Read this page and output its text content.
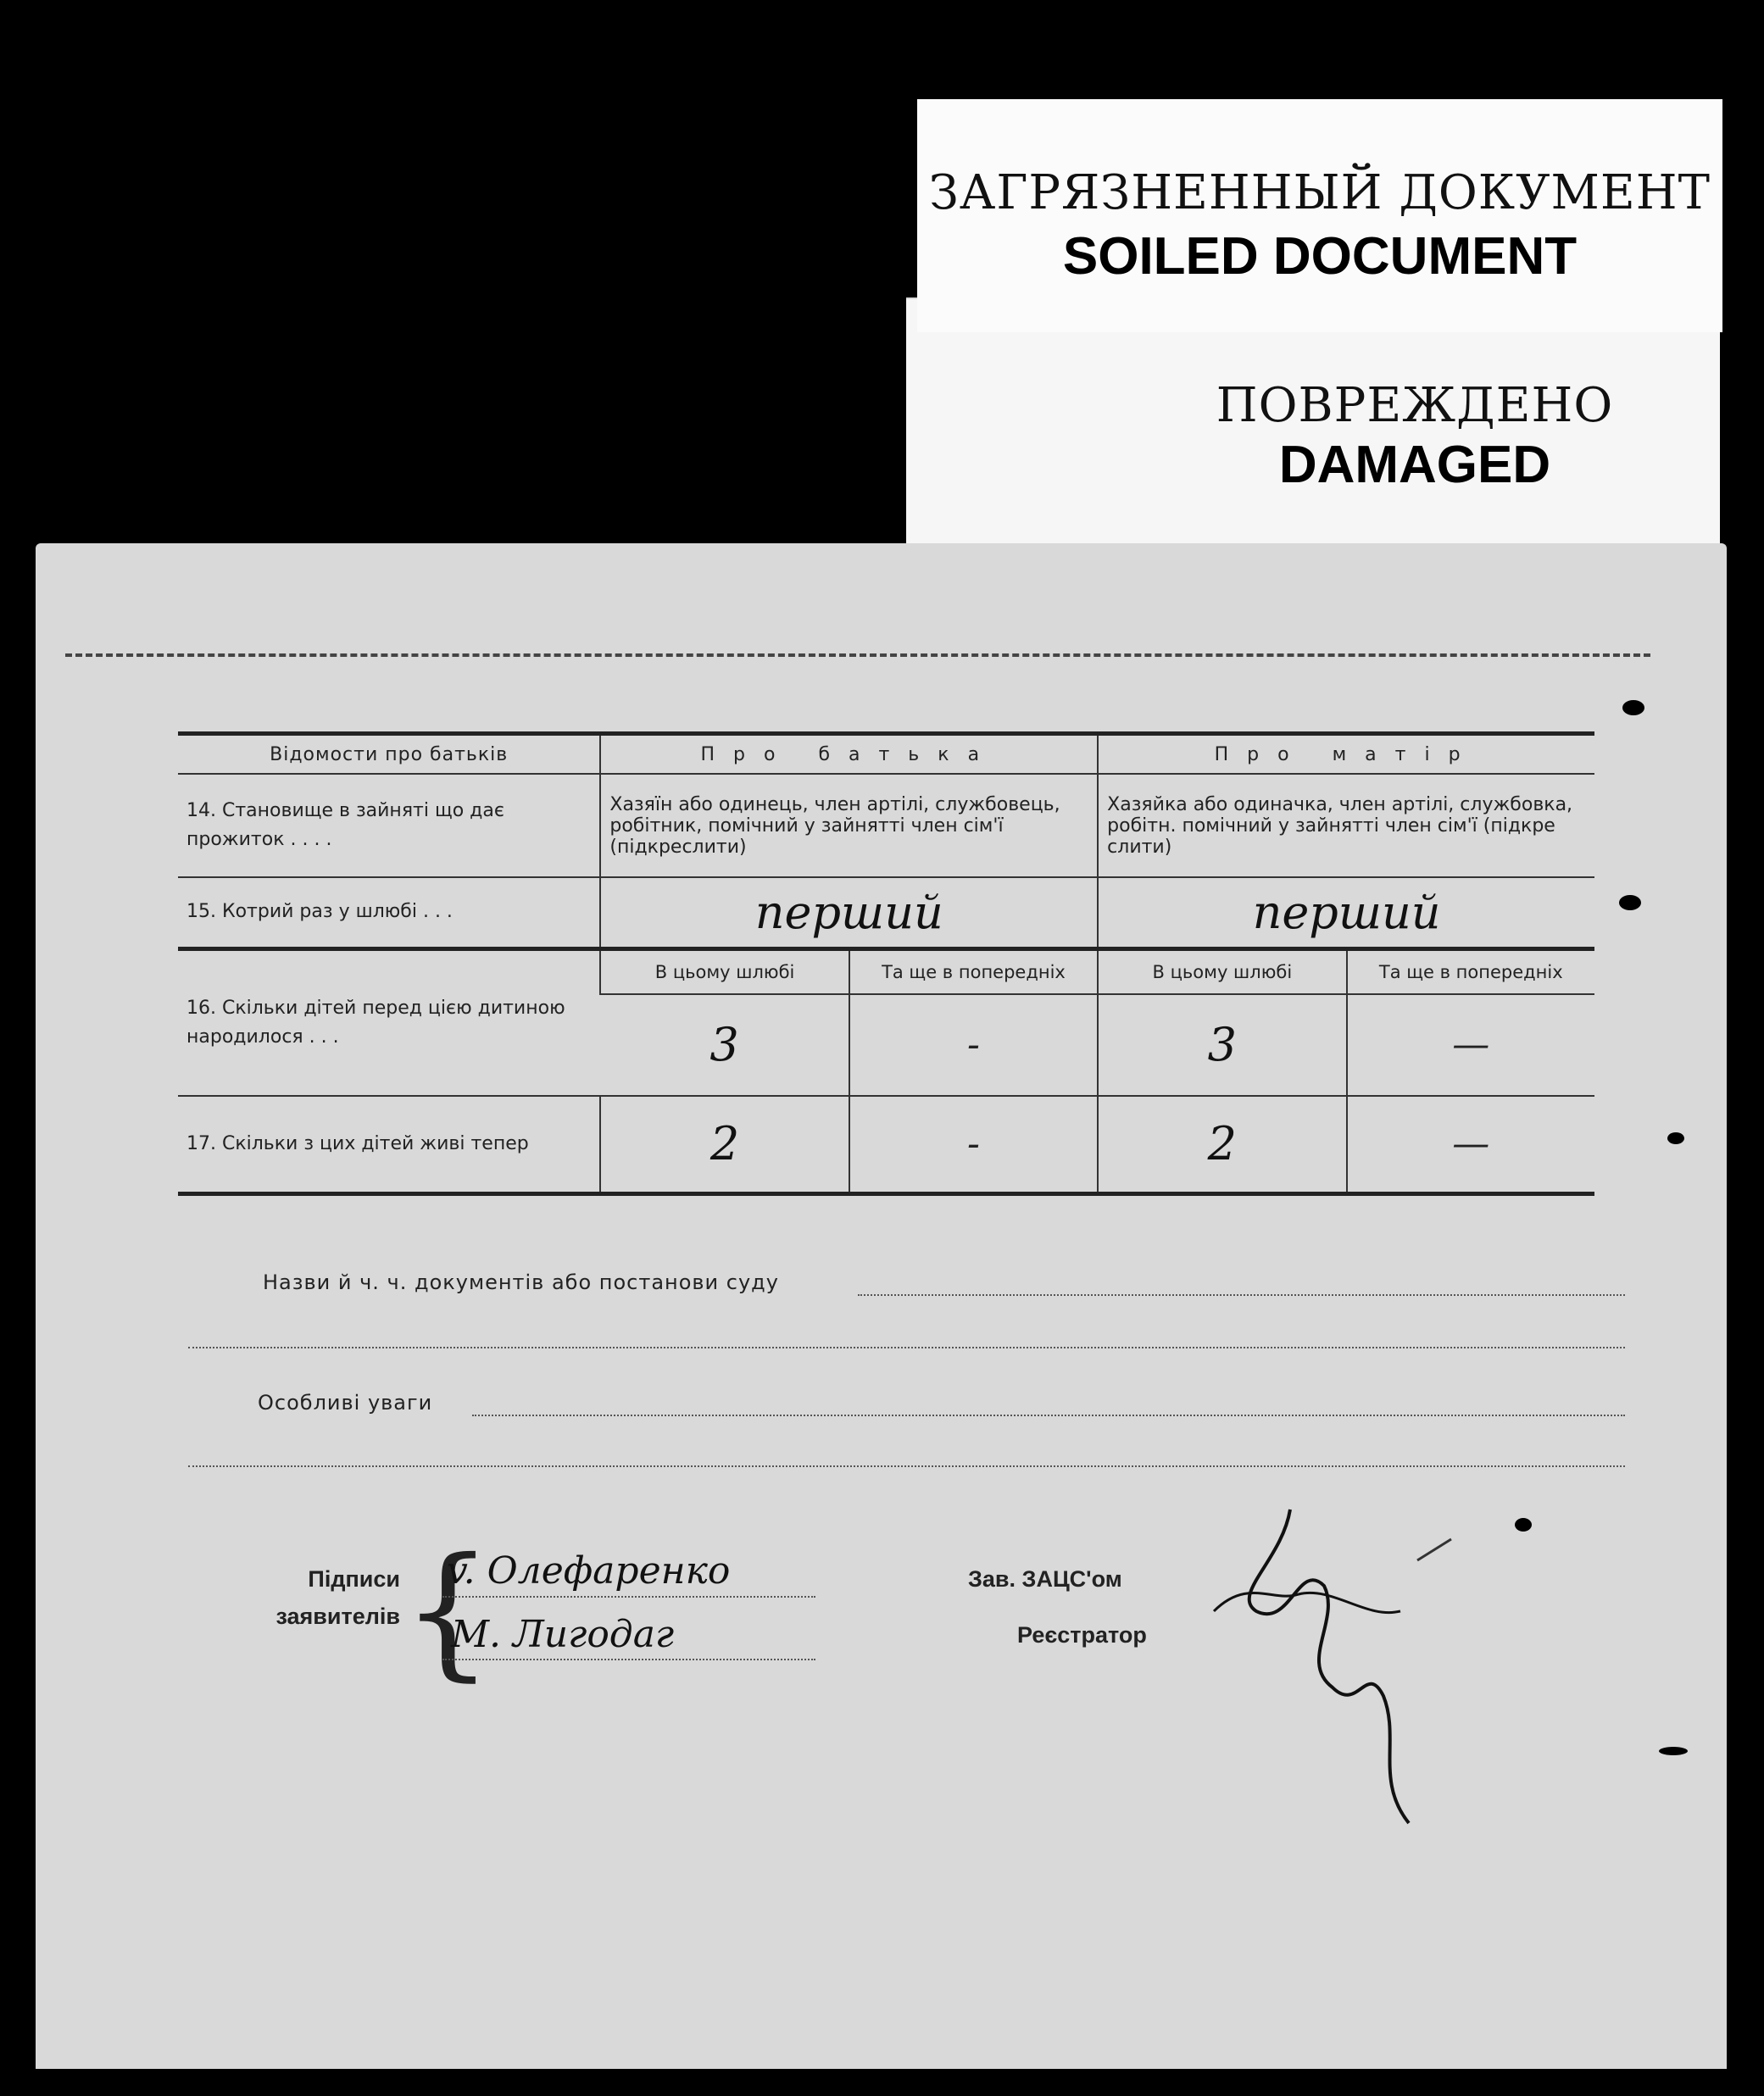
ПОВРЕЖДЕНО
DAMAGED
ЗАГРЯЗНЕННЫЙ ДОКУМЕНТ
SOILED DOCUMENT
Відомости про батьків	Про батька		Про матір	
14. Становище в зайняті що дає прожиток . . . .	Хазяїн або одинець, член артілі, службовець, робітник, помічний у зайнятті член сім'ї (підкреслити)		Хазяйка або одиначка, член артілі, службовка, робітн. помічний у зайнятті член сім'ї (підкре слити)	
15. Котрий раз у шлюбі . . .	перший		перший	
16. Скільки дітей перед цією дитиною народилося . . .	В цьому шлюбі	Та ще в попередніх	В цьому шлюбі	Та ще в попередніх
	3	-	3	—
17. Скільки з цих дітей живі тепер	2	-	2	—
Назви й ч. ч. документів або постанови суду
Особливі уваги
Підписи заявителів {
v. Олефаренко
М. Лигодаг
Зав. ЗАЦС'ом
Реєстратор
